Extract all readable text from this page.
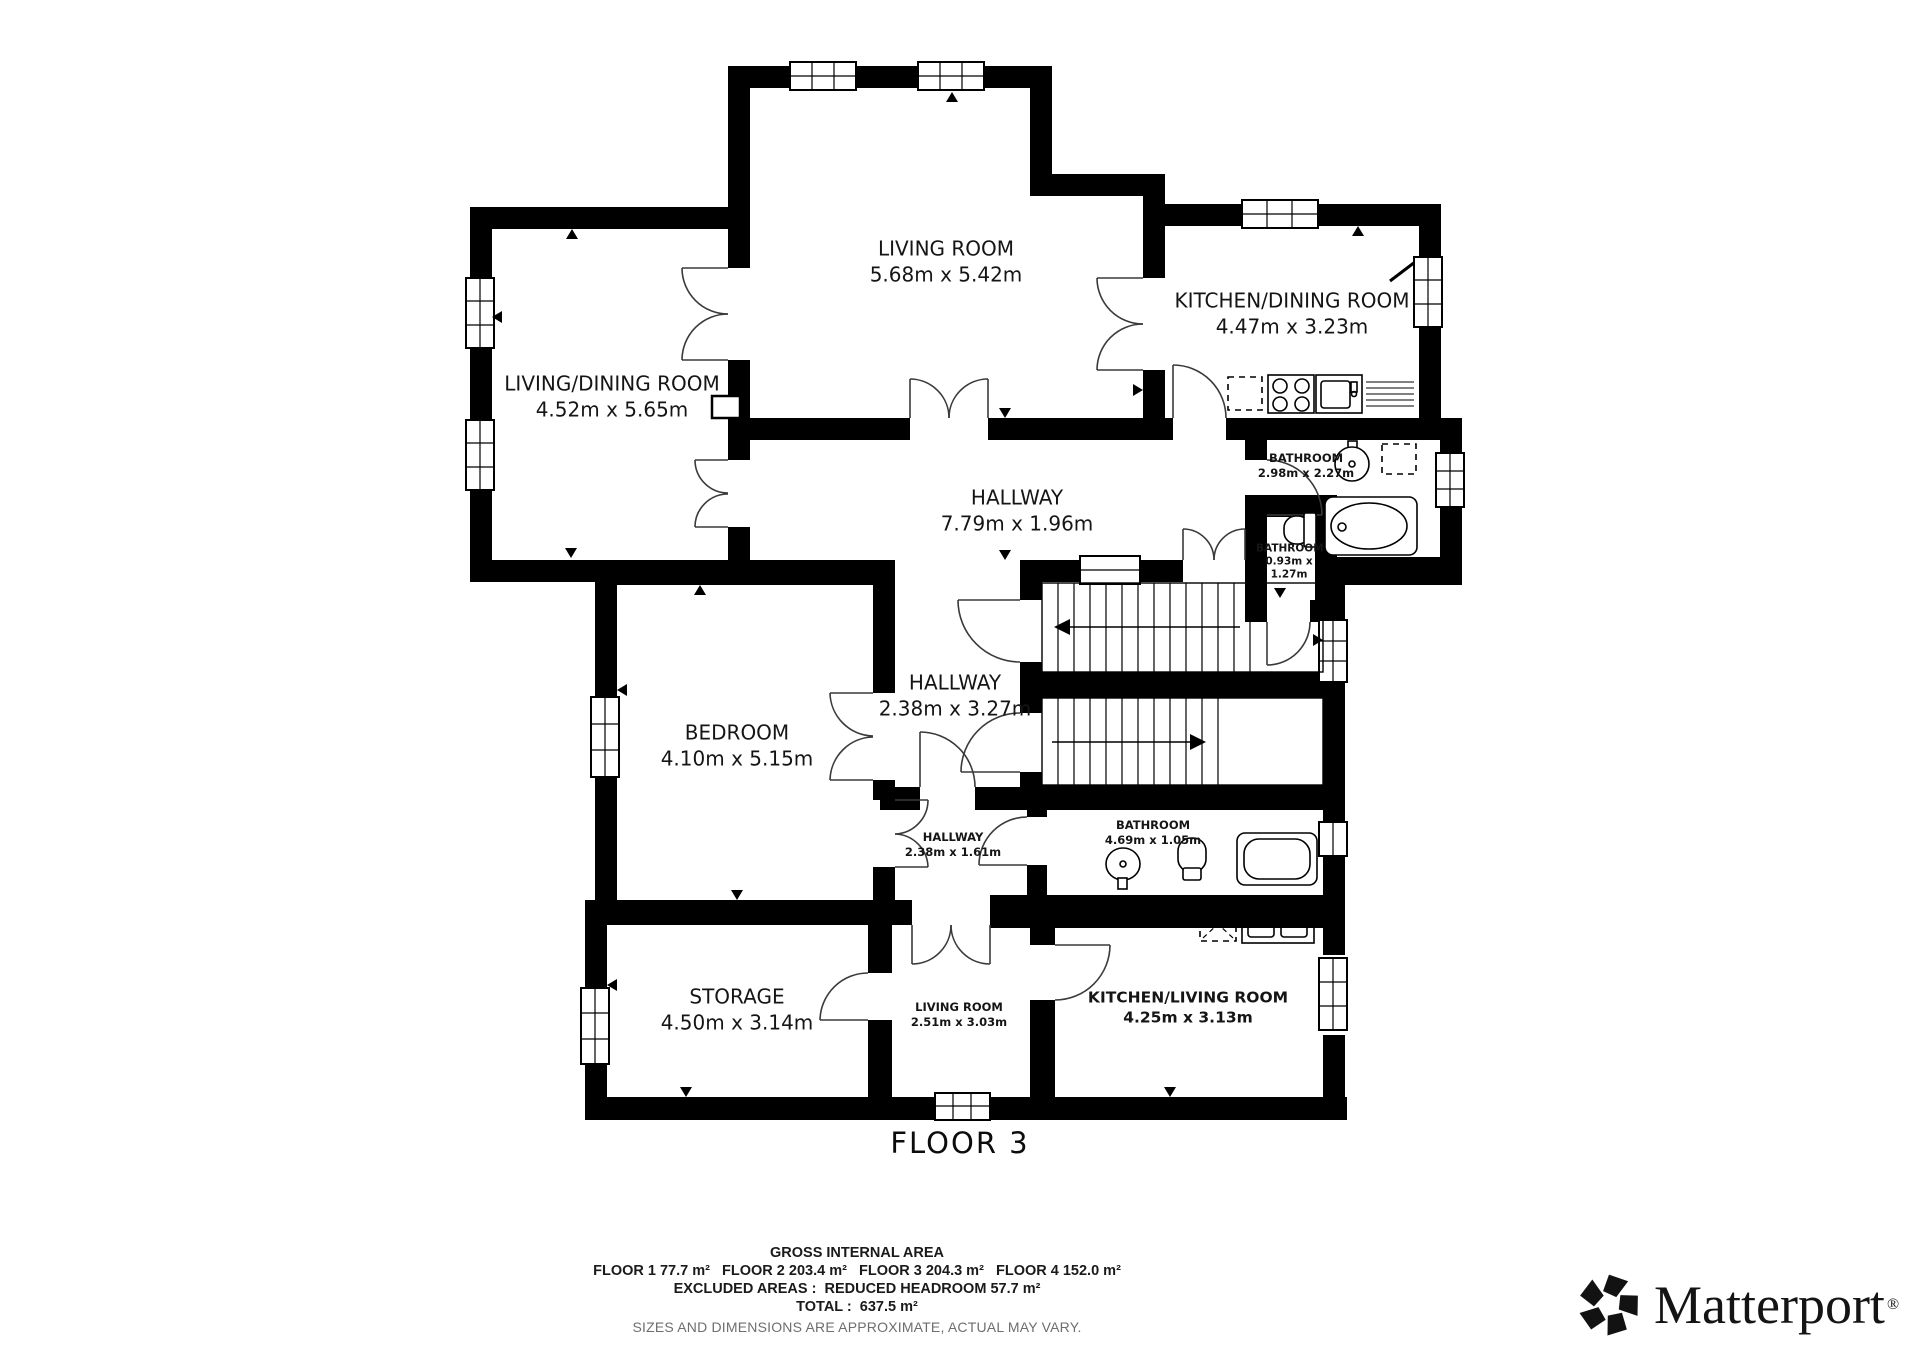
LIVING ROOM
5.68m x 5.42m
KITCHEN/DINING ROOM
4.47m x 3.23m
LIVING/DINING ROOM
4.52m x 5.65m
HALLWAY
7.79m x 1.96m
BATHROOM
2.98m x 2.27m
BATHROOM
0.93m x 1.27m
HALLWAY
2.38m x 3.27m
BEDROOM
4.10m x 5.15m
HALLWAY
2.38m x 1.61m
BATHROOM
4.69m x 1.05m
STORAGE
4.50m x 3.14m
LIVING ROOM
2.51m x 3.03m
KITCHEN/LIVING ROOM
4.25m x 3.13m
FLOOR 3
GROSS INTERNAL AREA
FLOOR 1 77.7 m²   FLOOR 2 203.4 m²   FLOOR 3 204.3 m²   FLOOR 4 152.0 m²
EXCLUDED AREAS :  REDUCED HEADROOM 57.7 m²
TOTAL :  637.5 m²
SIZES AND DIMENSIONS ARE APPROXIMATE, ACTUAL MAY VARY.	Matterport ®
